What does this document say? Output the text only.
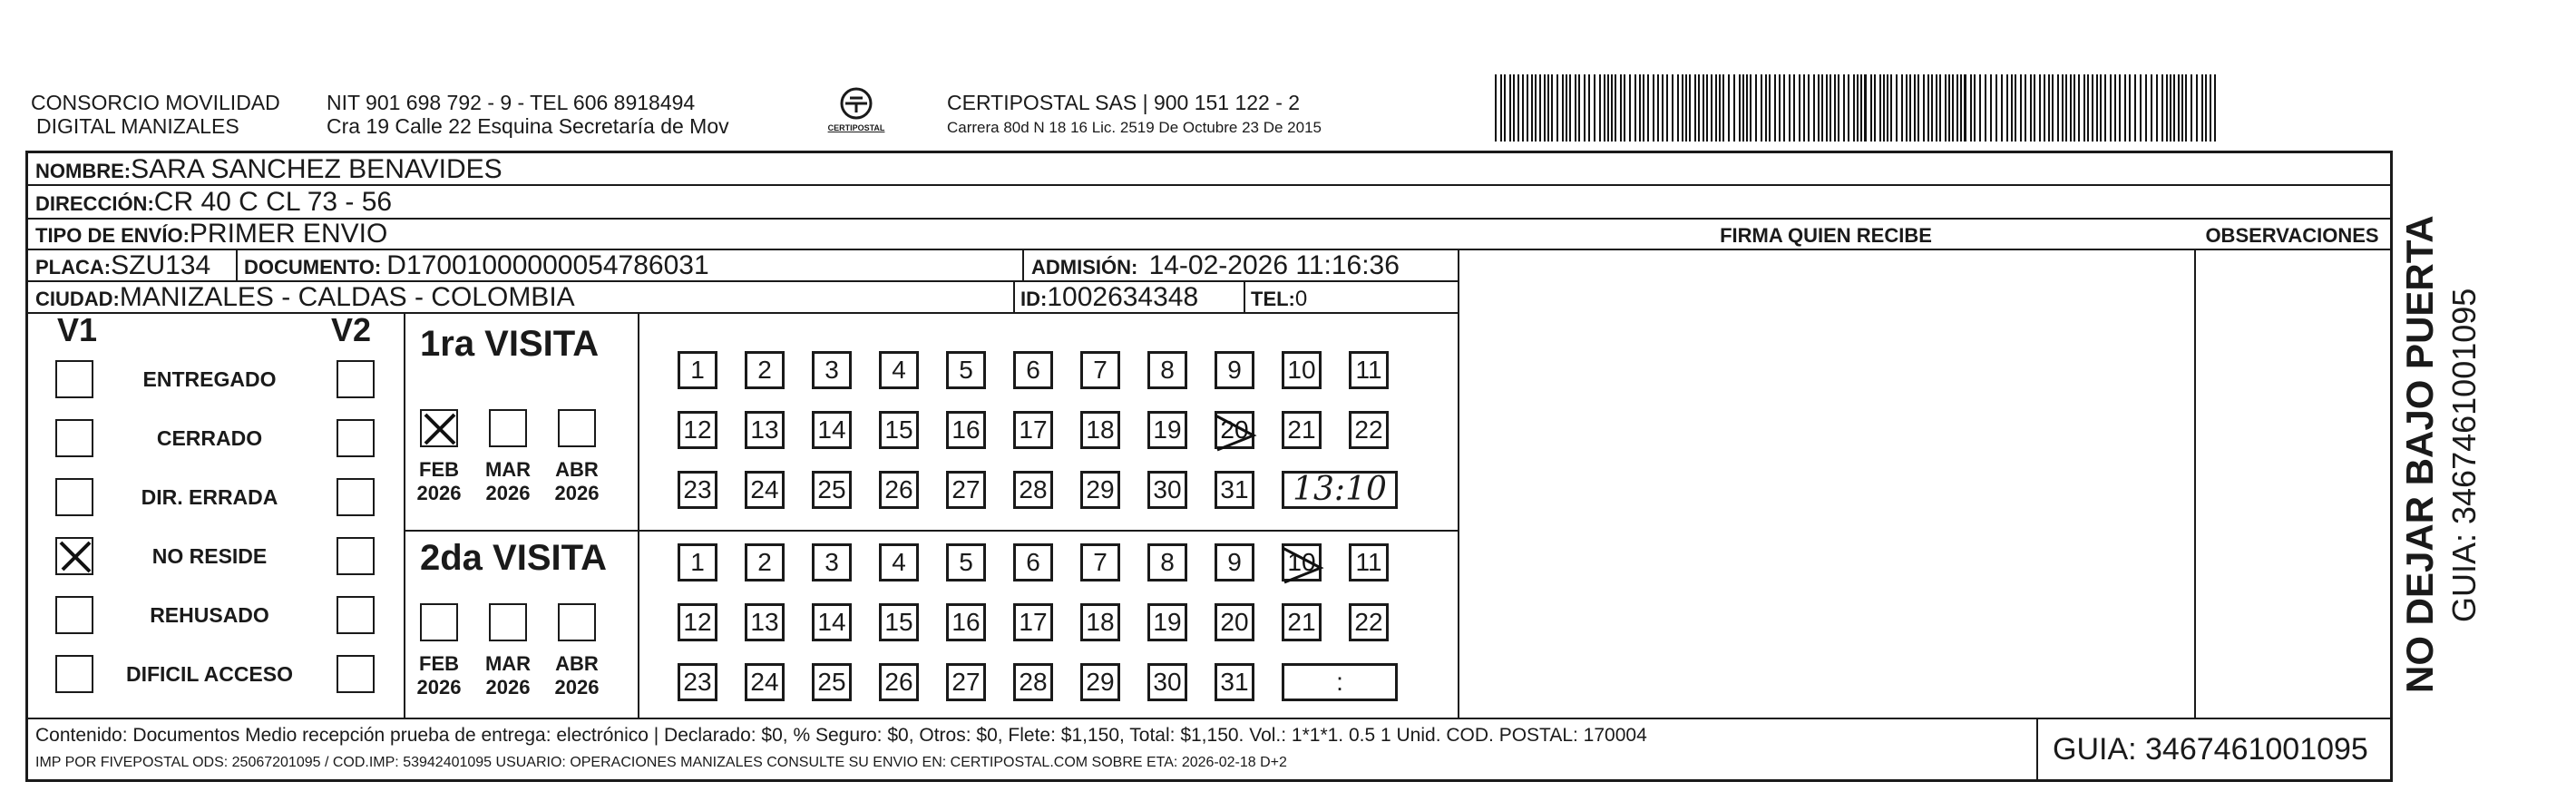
CONSORCIO MOVILIDAD
DIGITAL MANIZALES
NIT 901 698 792 - 9 - TEL 606 8918494
Cra 19 Calle 22 Esquina Secretaría de Mov	CERTIPOSTAL
CERTIPOSTAL SAS | 900 151 122 - 2
Carrera 80d N 18 16 Lic. 2519 De Octubre 23 De 2015
NOMBRE:SARA SANCHEZ BENAVIDES
DIRECCIÓN:CR 40 C CL 73 - 56
TIPO DE ENVÍO:PRIMER ENVIO	FIRMA QUIEN RECIBE	OBSERVACIONES
PLACA:SZU134 DOCUMENTO: D17001000000054786031	ADMISIÓN: 14-02-2026 11:16:36
CIUDAD:MANIZALES - CALDAS - COLOMBIA	ID:1002634348	TEL:0
V1	V2 1ra VISITA
2da VISITA
Contenido: Documentos Medio recepción prueba de entrega: electrónico | Declarado: $0, % Seguro: $0, Otros: $0, Flete: $1,150, Total: $1,150. Vol.: 1*1*1. 0.5 1 Unid. COD. POSTAL: 170004
IMP POR FIVEPOSTAL ODS: 25067201095 / COD.IMP: 53942401095 USUARIO: OPERACIONES MANIZALES CONSULTE SU ENVIO EN: CERTIPOSTAL.COM SOBRE ETA: 2026-02-18 D+2	GUIA: 3467461001095
ENTREGADO
CERRADO
DIR. ERRADA
NO RESIDE
REHUSADO
DIFICIL ACCESO
FEB
2026
MAR
2026
ABR
2026
FEB
2026
MAR
2026
ABR
2026
1	2	3	4	5	6	7	8	9	10 11
12 13 14 15 16 17 18 19 20 21 22
23 24 25 26 27 28 29 30 31	13:10
1	2	3	4	5	6	7	8	9	10 11
12 13 14 15 16 17 18 19 20 21 22
23 24 25 26 27 28 29 30 31	:	NO DEJAR BAJO PUERTA GUIA: 3467461001095
